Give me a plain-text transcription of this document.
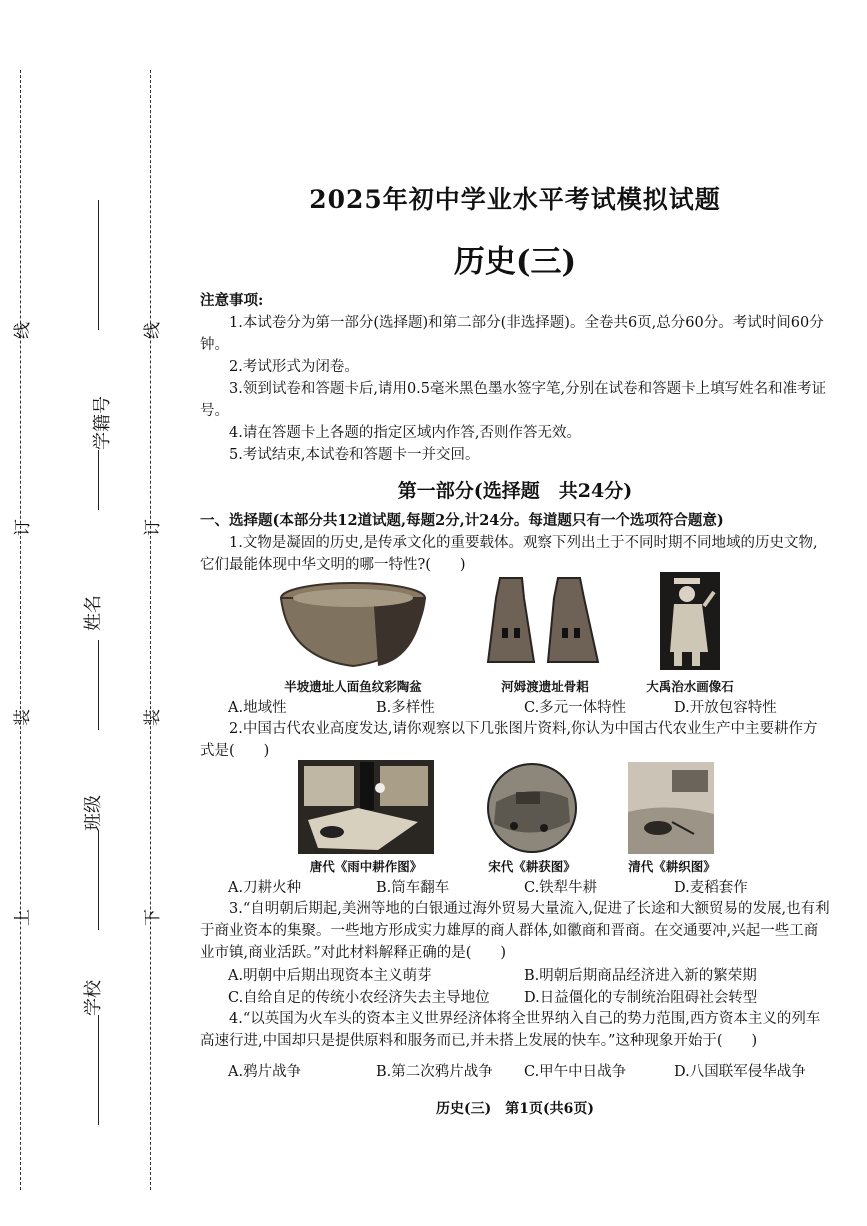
线
订
装
上
线
订
装
下
学籍号
姓名
班级
学校
2025年初中学业水平考试模拟试题
历史(三)
注意事项:
1.本试卷分为第一部分(选择题)和第二部分(非选择题)。全卷共6页,总分60分。考试时间60分钟。
2.考试形式为闭卷。
3.领到试卷和答题卡后,请用0.5毫米黑色墨水签字笔,分别在试卷和答题卡上填写姓名和准考证号。
4.请在答题卡上各题的指定区域内作答,否则作答无效。
5.考试结束,本试卷和答题卡一并交回。
第一部分(选择题　共24分)
一、选择题(本部分共12道试题,每题2分,计24分。每道题只有一个选项符合题意)
1.文物是凝固的历史,是传承文化的重要载体。观察下列出土于不同时期不同地域的历史文物,它们最能体现中华文明的哪一特性?(　　)
半坡遗址人面鱼纹彩陶盆	河姆渡遗址骨耜	大禹治水画像石
A.地域性	B.多样性	C.多元一体特性	D.开放包容特性
2.中国古代农业高度发达,请你观察以下几张图片资料,你认为中国古代农业生产中主要耕作方式是(　　)
唐代《雨中耕作图》	宋代《耕获图》	清代《耕织图》
A.刀耕火种	B.筒车翻车	C.铁犁牛耕	D.麦稻套作
3.“自明朝后期起,美洲等地的白银通过海外贸易大量流入,促进了长途和大额贸易的发展,也有利于商业资本的集聚。一些地方形成实力雄厚的商人群体,如徽商和晋商。在交通要冲,兴起一些工商业市镇,商业活跃。”对此材料解释正确的是(　　)
A.明朝中后期出现资本主义萌芽	B.明朝后期商品经济进入新的繁荣期
C.自给自足的传统小农经济失去主导地位 D.日益僵化的专制统治阻碍社会转型
4.“以英国为火车头的资本主义世界经济体将全世界纳入自己的势力范围,西方资本主义的列车高速行进,中国却只是提供原料和服务而已,并未搭上发展的快车。”这种现象开始于(　　)
A.鸦片战争	B.第二次鸦片战争 C.甲午中日战争	D.八国联军侵华战争
历史(三)　第1页(共6页)
